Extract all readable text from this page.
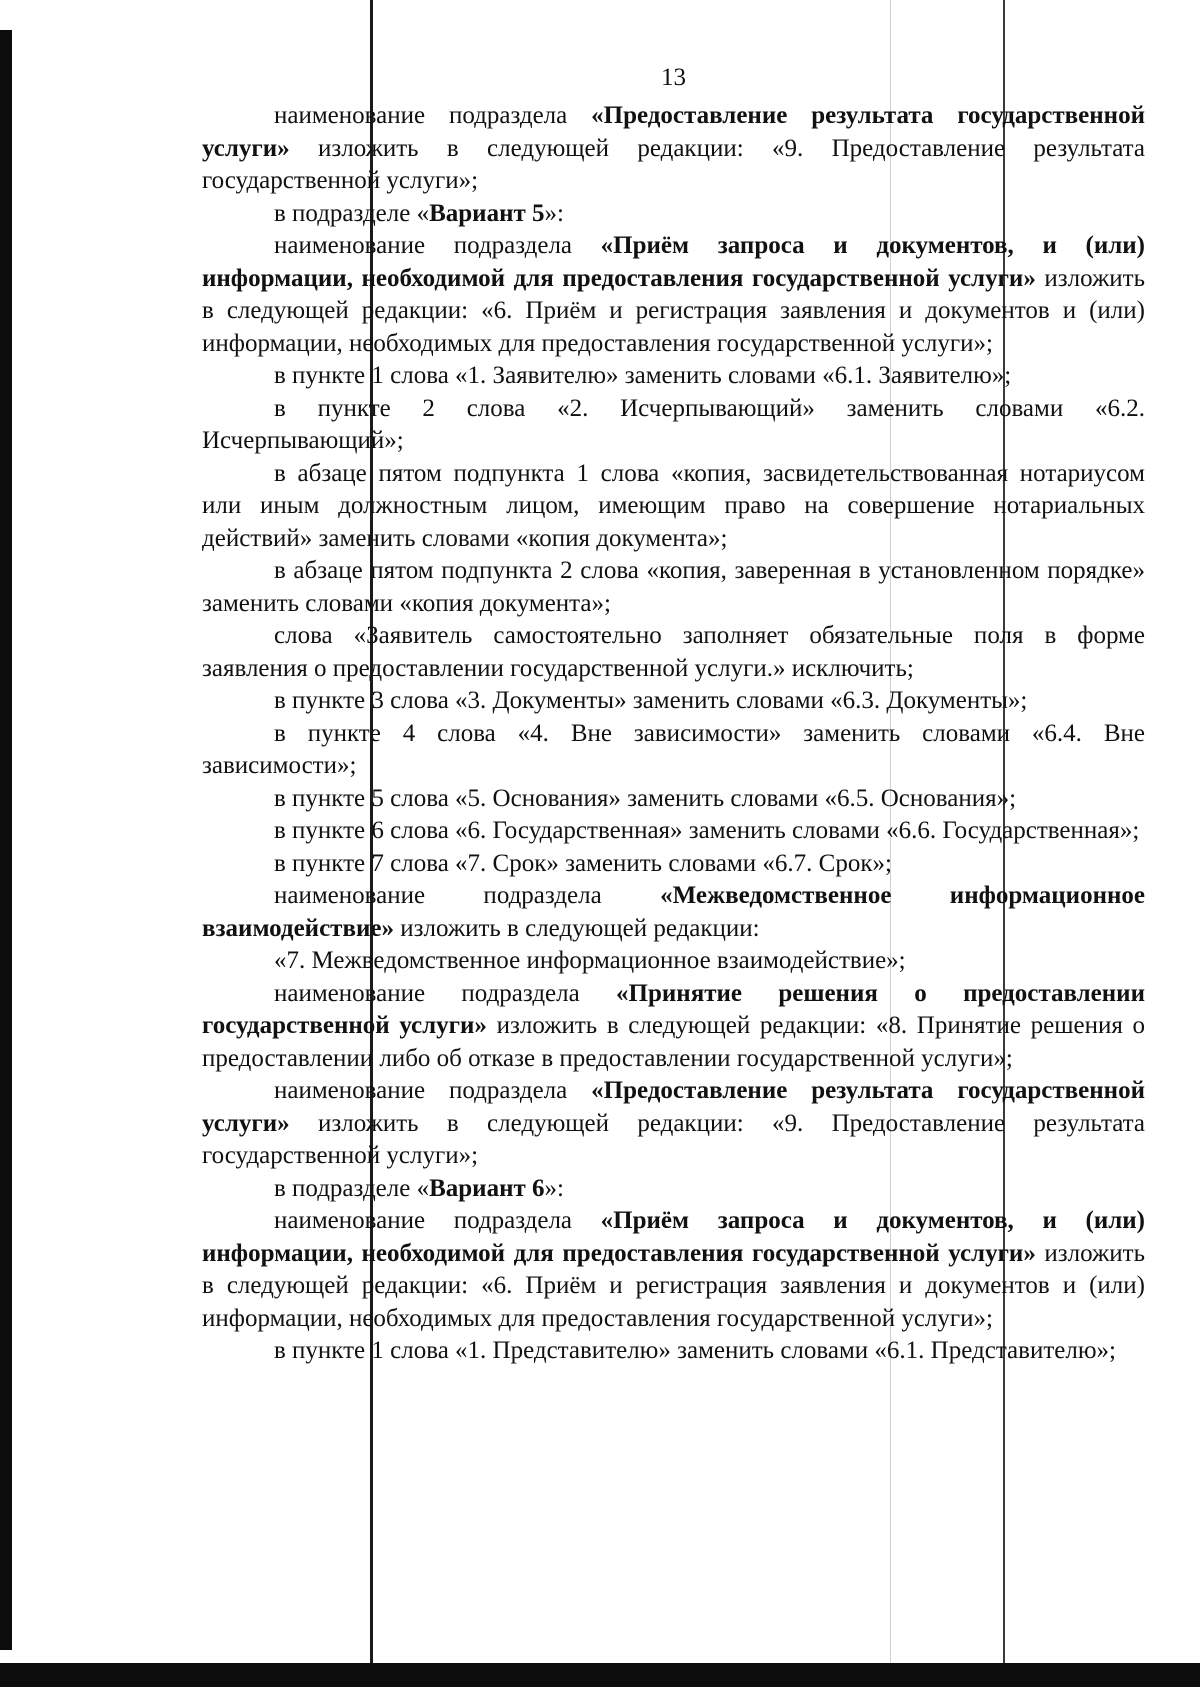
13

наименование подраздела «Предоставление результата государственной услуги» изложить в следующей редакции: «9. Предоставление результата государственной услуги»;

в подразделе «Вариант 5»:

наименование подраздела «Приём запроса и документов, и (или) информации, необходимой для предоставления государственной услуги» изложить в следующей редакции: «6. Приём и регистрация заявления и документов и (или) информации, необходимых для предоставления государственной услуги»;

в пункте 1 слова «1. Заявителю» заменить словами «6.1. Заявителю»;

в пункте 2 слова «2. Исчерпывающий» заменить словами «6.2. Исчерпывающий»;

в абзаце пятом подпункта 1 слова «копия, засвидетельствованная нотариусом или иным должностным лицом, имеющим право на совершение нотариальных действий» заменить словами «копия документа»;

в абзаце пятом подпункта 2 слова «копия, заверенная в установленном порядке» заменить словами «копия документа»;

слова «Заявитель самостоятельно заполняет обязательные поля в форме заявления о предоставлении государственной услуги.» исключить;

в пункте 3 слова «3. Документы» заменить словами «6.3. Документы»;

в пункте 4 слова «4. Вне зависимости» заменить словами «6.4. Вне зависимости»;

в пункте 5 слова «5. Основания» заменить словами «6.5. Основания»;

в пункте 6 слова «6. Государственная» заменить словами «6.6. Государственная»;

в пункте 7 слова «7. Срок» заменить словами «6.7. Срок»;

наименование подраздела «Межведомственное информационное взаимодействие» изложить в следующей редакции:

«7. Межведомственное информационное взаимодействие»;

наименование подраздела «Принятие решения о предоставлении государственной услуги» изложить в следующей редакции: «8. Принятие решения о предоставлении либо об отказе в предоставлении государственной услуги»;

наименование подраздела «Предоставление результата государственной услуги» изложить в следующей редакции: «9. Предоставление результата государственной услуги»;

в подразделе «Вариант 6»:

наименование подраздела «Приём запроса и документов, и (или) информации, необходимой для предоставления государственной услуги» изложить в следующей редакции: «6. Приём и регистрация заявления и документов и (или) информации, необходимых для предоставления государственной услуги»;

в пункте 1 слова «1. Представителю» заменить словами «6.1. Представителю»;
